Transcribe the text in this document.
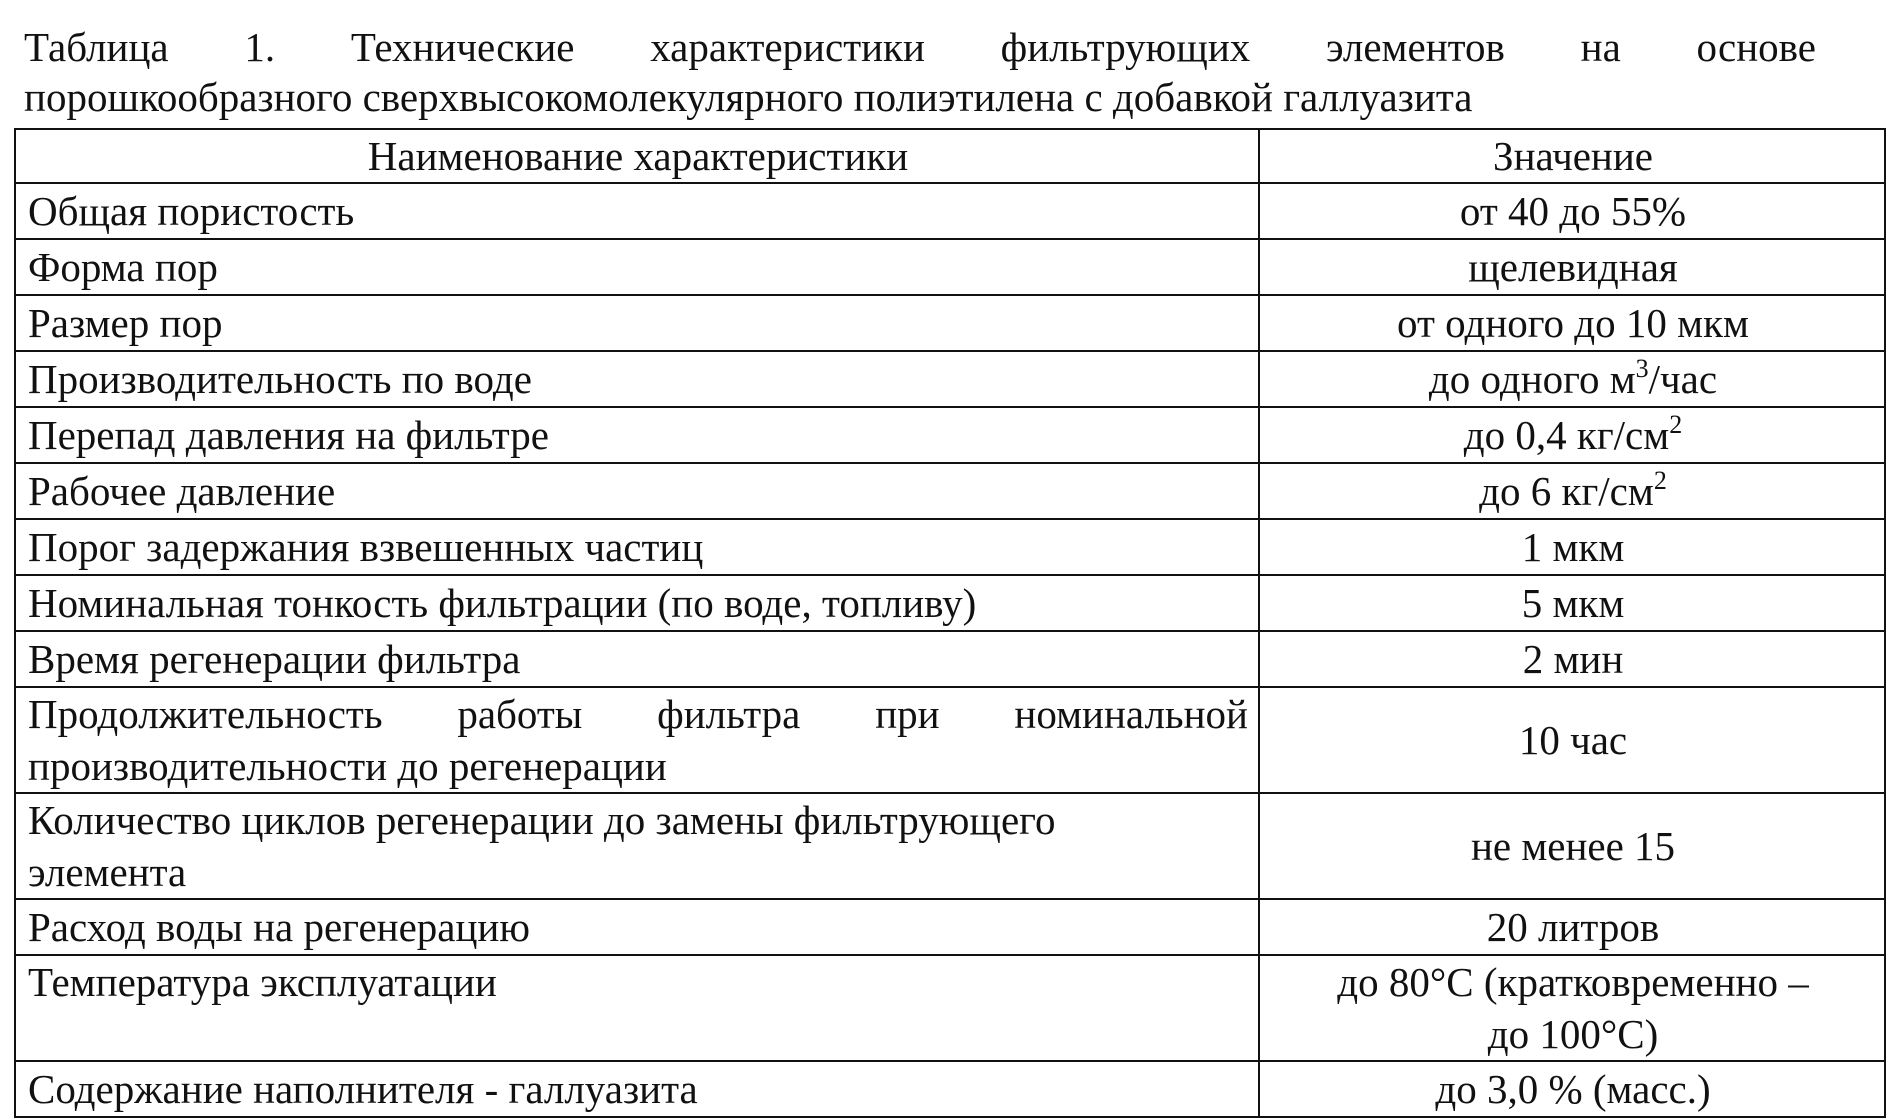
Таблица 1. Технические характеристики фильтрующих элементов на основе
порошкообразного сверхвысокомолекулярного полиэтилена с добавкой галлуазита
Наименование характеристики	Значение
Общая пористость	от 40 до 55%
Форма пор	щелевидная
Размер пор	от одного до 10 мкм
Производительность по воде	до одного $м^3$/час
Перепад давления на фильтре	до 0,4 $кг/см^2$
Рабочее давление	до 6 $кг/см^2$
Порог задержания взвешенных частиц	1 мкм
Номинальная тонкость фильтрации (по воде, топливу)	5 мкм
Время регенерации фильтра	2 мин

Продолжительность работы фильтра при номинальной
производительности до регенерации	10 час

Количество циклов регенерации до замены фильтрующего
элемента	не менее 15
Расход воды на регенерацию	20 литров
Температура эксплуатации	до 80°С (кратковременно –
до 100°С)

Содержание наполнителя - галлуазита	до 3,0 % (масс.)
